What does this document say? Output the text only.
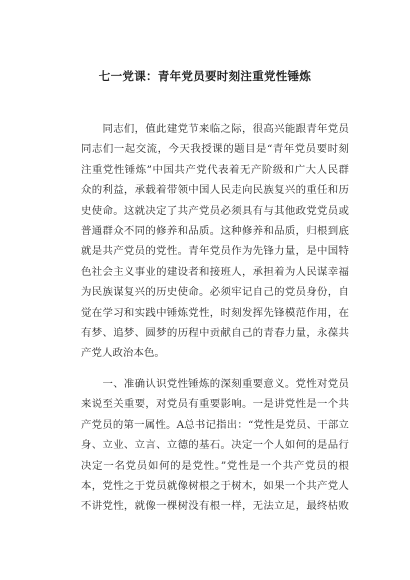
七一党课：青年党员要时刻注重党性锤炼
　　同志们，值此建党节来临之际，很高兴能跟青年党员
同志们一起交流，今天我授课的题目是“青年党员要时刻
注重党性锤炼”中国共产党代表着无产阶级和广大人民群
众的利益，承载着带领中国人民走向民族复兴的重任和历
史使命。这就决定了共产党员必须具有与其他政党党员或
普通群众不同的修养和品质。这种修养和品质，归根到底
就是共产党员的党性。青年党员作为先锋力量，是中国特
色社会主义事业的建设者和接班人，承担着为人民谋幸福
为民族谋复兴的历史使命。必须牢记自己的党员身份，自
觉在学习和实践中锤炼党性，时刻发挥先锋模范作用，在
有梦、追梦、圆梦的历程中贡献自己的青春力量，永葆共
产党人政治本色。
　　一、准确认识党性锤炼的深刻重要意义。党性对党员
来说至关重要，对党员有重要影响。一是讲党性是一个共
产党员的第一属性。A总书记指出：“党性是党员、干部立
身、立业、立言、立德的基石。决定一个人如何的是品行
决定一名党员如何的是党性。”党性是一个共产党员的根
本，党性之于党员就像树根之于树木，如果一个共产党人
不讲党性，就像一棵树没有根一样，无法立足，最终枯败
